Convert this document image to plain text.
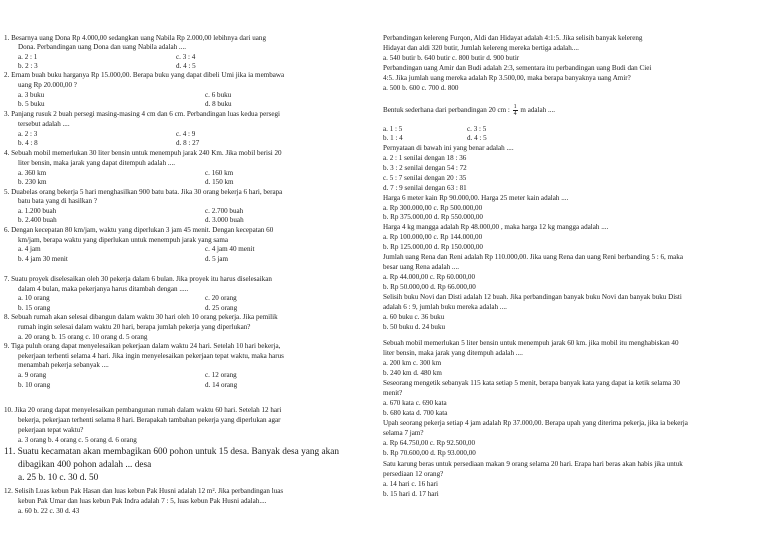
1. Besarnya uang Dona Rp 4.000,00 sedangkan uang Nabila Rp 2.000,00 lebihnya dari uang
Dona. Perbandingan uang Dona dan uang Nabila adalah ....
a. 2 : 1	c. 3 : 4
b. 2 : 3	d. 4 : 5
2. Ernam buah buku harganya Rp 15.000,00. Berapa buku yang dapat dibeli Umi jika ia membawa
uang Rp 20.000,00 ?
a. 3 buku	c. 6 buku
b. 5 buku	d. 8 buku
3. Panjang rusuk 2 buah persegi masing-masing 4 cm dan 6 cm. Perbandingan luas kedua persegi
tersebut adalah ....
a. 2 : 3	c. 4 : 9
b. 4 : 8	d. 8 : 27
4. Sebuah mobil memerlukan 30 liter bensin untuk menempuh jarak 240 Km. Jika mobil berisi 20
liter bensin, maka jarak yang dapat ditempuh adalah ....
a. 360 km	c. 160 km
b. 230 km	d. 150 km
5. Duabelas orang bekerja 5 hari menghasilkan 900 batu bata. Jika 30 orang bekerja 6 hari, berapa
batu bata yang di hasilkan ?
a. 1.200 buah	c. 2.700 buah
b. 2.400 buah	d. 3.000 buah
6. Dengan kecepatan 80 km/jam, waktu yang diperlukan 3 jam 45 menit. Dengan kecepatan 60
km/jam, berapa waktu yang diperlukan untuk menempuh jarak yang sama
a. 4 jam	c. 4 jam 40 menit
b. 4 jam 30 menit	d. 5 jam
7. Suatu proyek diselesaikan oleh 30 pekerja dalam 6 bulan. Jika proyek itu harus diselesaikan
dalam 4 bulan, maka pekerjanya harus ditambah dengan .....
a. 10 orang	c. 20 orang
b. 15 orang	d. 25 orang
8. Sebuah rumah akan selesai dibangun dalam waktu 30 hari oleh 10 orang pekerja. Jika pemilik
rumah ingin selesai dalam waktu 20 hari, berapa jumlah pekerja yang diperlukan?
a. 20 orang b. 15 orang c. 10 orang d. 5 orang
9. Tiga puluh orang dapat menyelesaikan pekerjaan dalam waktu 24 hari. Setelah 10 hari bekerja,
pekerjaan terhenti selama 4 hari. Jika ingin menyelesaikan pekerjaan tepat waktu, maka harus
menambah pekerja sebanyak ....
a. 9 orang	c. 12 orang
b. 10 orang	d. 14 orang
10. Jika 20 orang dapat menyelesaikan pembangunan rumah dalam waktu 60 hari. Setelah 12 hari
bekerja, pekerjaan terhenti selama 8 hari. Berapakah tambahan pekerja yang diperlukan agar
pekerjaan tepat waktu?
a. 3 orang b. 4 orang c. 5 orang d. 6 orang
11. Suatu kecamatan akan membagikan 600 pohon untuk 15 desa. Banyak desa yang akan
dibagikan 400 pohon adalah ... desa
a. 25 b. 10 c. 30 d. 50
12. Selisih Luas kebun Pak Hasan dan luas kebun Pak Husni adalah 12 m². Jika perbandingan luas
kebun Pak Umar dan luas kebun Pak Indra adalah 7 : 5, luas kebun Pak Husni adalah....
a. 60 b. 22 c. 30 d. 43
Perbandingan kelereng Furqon, Aldi dan Hidayat adalah 4:1:5. Jika selisih banyak kelereng
Hidayat dan aldi 320 butir, Jumlah kelereng mereka bertiga adalah....
a. 540 butir b. 640 butir c. 800 butir d. 900 butir
Perbandingan uang Amir dan Budi adalah 2:3, sementara itu perbandingan uang Budi dan Ciei
4:5. Jika jumlah uang mereka adalah Rp 3.500,00, maka berapa banyaknya uang Amir?
a. 500 b. 600 c. 700 d. 800
Bentuk sederhana dari perbandingan 20 cm : $\frac{1}{4}$ m adalah ....
a. 1 : 5	c. 3 : 5
b. 1 : 4	d. 4 : 5
Pernyataan di bawah ini yang benar adalah ....
a. 2 : 1 senilai dengan 18 : 36
b. 3 : 2 senilai dengan 54 : 72
c. 5 : 7 senilai dengan 20 : 35
d. 7 : 9 senilai dengan 63 : 81
Harga 6 meter kain Rp 90.000,00. Harga 25 meter kain adalah ....
a. Rp 300.000,00 c. Rp 500.000,00
b. Rp 375.000,00 d. Rp 550.000,00
Harga 4 kg mangga adalah Rp 48.000,00 , maka harga 12 kg mangga adalah ....
a. Rp 100.000,00 c. Rp 144.000,00
b. Rp 125.000,00 d. Rp 150.000,00
Jumlah uang Rena dan Reni adalah Rp 110.000,00. Jika uang Rena dan uang Reni berbanding 5 : 6, maka
besar uang Rena adalah ....
a. Rp 44.000,00 c. Rp 60.000,00
b. Rp 50.000,00 d. Rp 66.000,00
Selisih buku Novi dan Disti adalah 12 buah. Jika perbandingan banyak buku Novi dan banyak buku Disti
adalah 6 : 9, jumlah buku mereka adalah ....
a. 60 buku c. 36 buku
b. 50 buku d. 24 buku
Sebuah mobil memerlukan 5 liter bensin untuk menempuh jarak 60 km. jika mobil itu menghabiskan 40
liter bensin, maka jarak yang ditempuh adalah ....
a. 200 km c. 300 km
b. 240 km d. 480 km
Seseorang mengetik sebanyak 115 kata setiap 5 menit, berapa banyak kata yang dapat ia ketik selama 30
menit?
a. 670 kata c. 690 kata
b. 680 kata d. 700 kata
Upah seorang pekerja setiap 4 jam adalah Rp 37.000,00. Berapa upah yang diterima pekerja, jika ia bekerja
selama 7 jam?
a. Rp 64.750,00 c. Rp 92.500,00
b. Rp 70.600,00 d. Rp 93.000,00
Satu karung beras untuk persediaan makan 9 orang selama 20 hari. Erapa hari beras akan habis jika untuk
persediaan 12 orang?
a. 14 hari c. 16 hari
b. 15 hari d. 17 hari
